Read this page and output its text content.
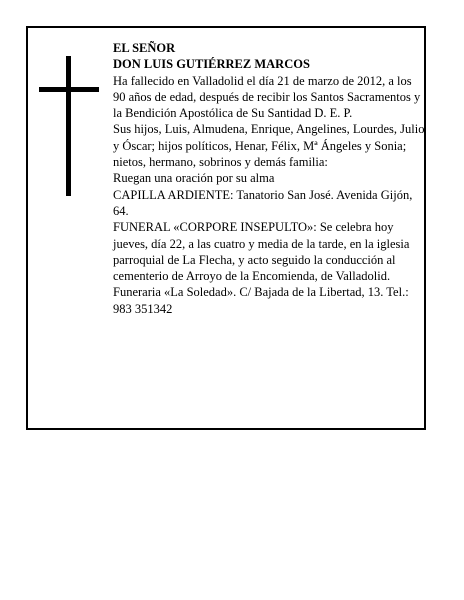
EL SEÑOR

DON LUIS GUTIÉRREZ MARCOS

Ha fallecido en Valladolid el día 21 de marzo de 2012, a los 90 años de edad, después de recibir los Santos Sacramentos y la Bendición Apostólica de Su Santidad D. E. P.

Sus hijos, Luis, Almudena, Enrique, Angelines, Lourdes, Julio y Óscar; hijos políticos, Henar, Félix, Mª Ángeles y Sonia; nietos, hermano, sobrinos y demás familia:

Ruegan una oración por su alma

CAPILLA ARDIENTE: Tanatorio San José. Avenida Gijón, 64.

FUNERAL «CORPORE INSEPULTO»: Se celebra hoy jueves, día 22, a las cuatro y media de la tarde, en la iglesia parroquial de La Flecha, y acto seguido la conducción al cementerio de Arroyo de la Encomienda, de Valladolid.

Funeraria «La Soledad». C/ Bajada de la Libertad, 13. Tel.: 983 351342
